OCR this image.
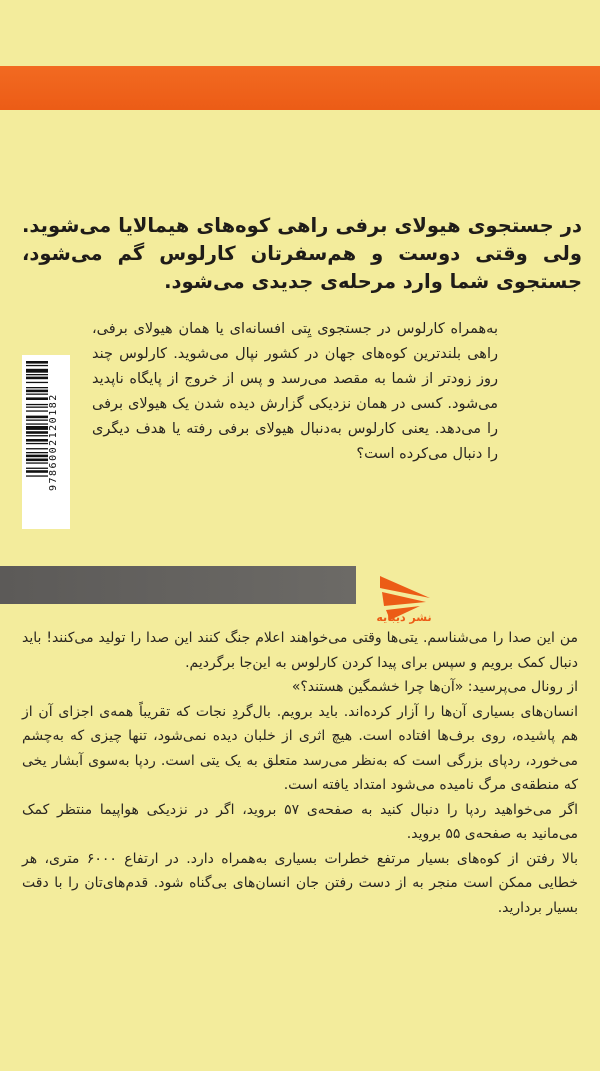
در جستجوی هیولای برفی راهی کوه‌های هیمالایا می‌شوید. ولی وقتی دوست و هم‌سفرتان کارلوس گم می‌شود، جستجوی شما وارد مرحله‌ی جدیدی می‌شود.

به‌همراه کارلوس در جستجوی یِتی افسانه‌ای یا همان هیولای برفی، راهی بلندترین کوه‌های جهان در کشور نپال می‌شوید. کارلوس چند روز زودتر از شما به مقصد می‌رسد و پس از خروج از پایگاه ناپدید می‌شود. کسی در همان نزدیکی گزارش دیده شدن یک هیولای برفی را می‌دهد. یعنی کارلوس به‌دنبال هیولای برفی رفته یا هدف دیگری را دنبال می‌کرده است؟

9786002120182
نشر دیبایه

من این صدا را می‌شناسم. یتی‌ها وقتی می‌خواهند اعلام جنگ کنند این صدا را تولید می‌کنند! باید دنبال کمک برویم و سپس برای پیدا کردن کارلوس به این‌جا برگردیم.

از رونال می‌پرسید: «آن‌ها چرا خشمگین هستند؟»

انسان‌های بسیاری آن‌ها را آزار کرده‌اند. باید برویم. بال‌گردِ نجات که تقریباً همه‌ی اجزای آن از هم پاشیده، روی برف‌ها افتاده است. هیچ اثری از خلبان دیده نمی‌شود، تنها چیزی که به‌چشم می‌خورد، ردپای بزرگی است که به‌نظر می‌رسد متعلق به یک یتی است. ردپا به‌سوی آبشار یخی که منطقه‌ی مرگ نامیده می‌شود امتداد یافته است.

اگر می‌خواهید ردپا را دنبال کنید به صفحه‌ی ۵۷ بروید، اگر در نزدیکی هواپیما منتظر کمک می‌مانید به صفحه‌ی ۵۵ بروید.

بالا رفتن از کوه‌های بسیار مرتفع خطرات بسیاری به‌همراه دارد. در ارتفاع ۶۰۰۰ متری، هر خطایی ممکن است منجر به از دست رفتن جان انسان‌های بی‌گناه شود. قدم‌های‌تان را با دقت بسیار بردارید.
